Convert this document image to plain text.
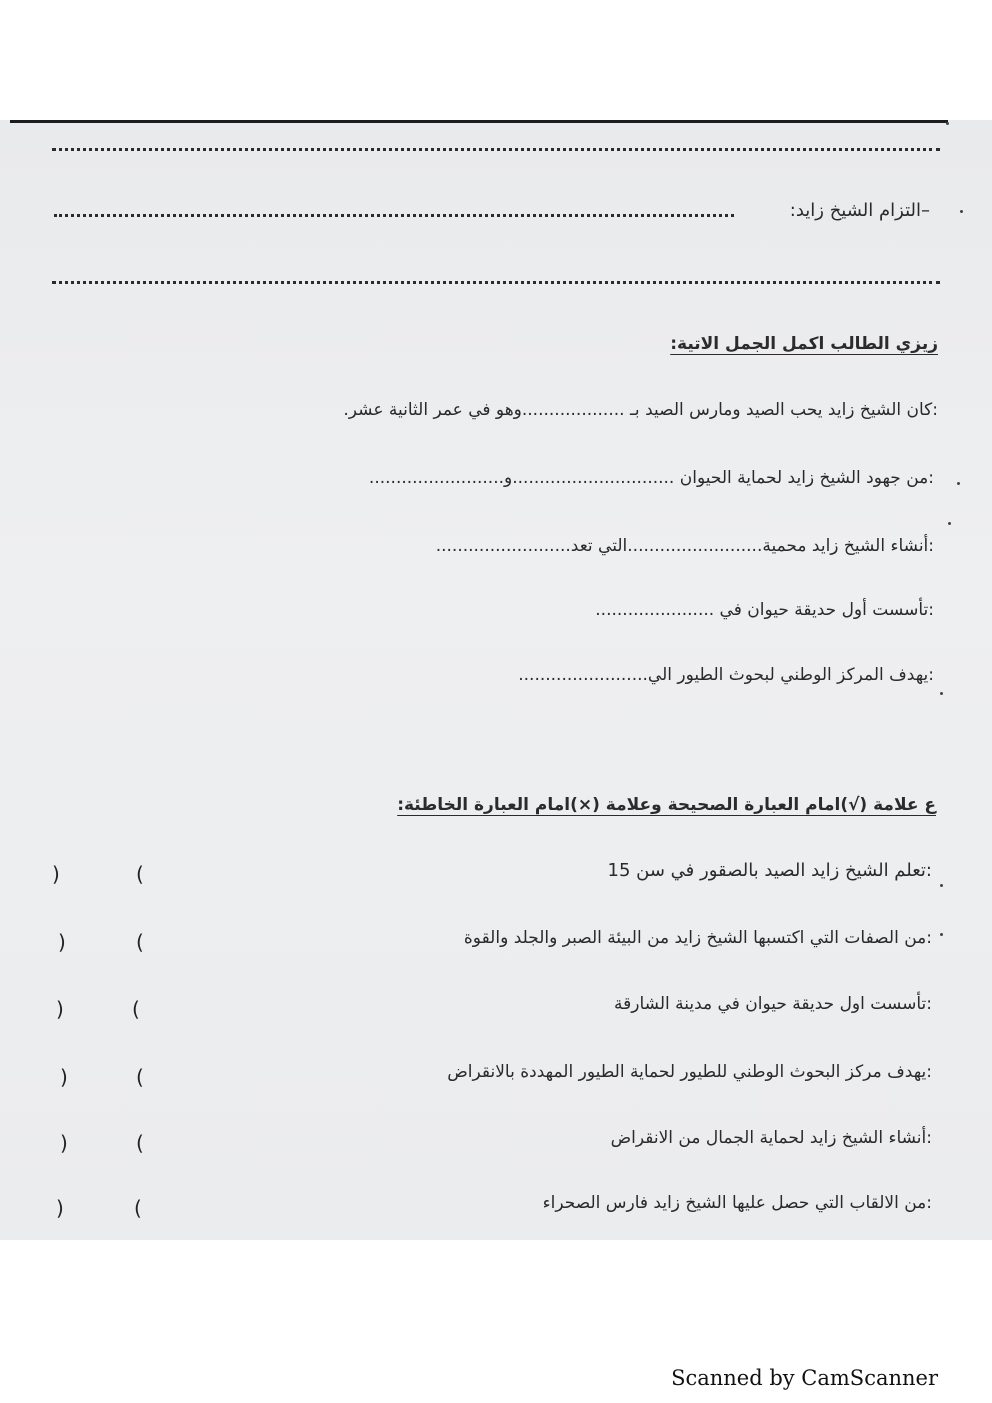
–التزام الشيخ زايد:
زيزي الطالب اكمل الجمل الاتية:
:كان الشيخ زايد يحب الصيد ومارس الصيد بـ ...................وهو في عمر الثانية عشر.
:من جهود الشيخ زايد لحماية الحيوان ..............................و.........................
:أنشاء الشيخ زايد محمية.........................التي تعد.........................
:تأسست أول حديقة حيوان في ......................
:يهدف المركز الوطني لبحوث الطيور الي........................
ع علامة (√)امام العبارة الصحيحة وعلامة (×)امام العبارة الخاطئة:
:تعلم الشيخ زايد الصيد بالصقور في سن 15
(
)
:من الصفات التي اكتسبها الشيخ زايد من البيئة الصبر والجلد والقوة
(
)
:تأسست اول حديقة حيوان في مدينة الشارقة
(
)
:يهدف مركز البحوث الوطني للطيور لحماية الطيور المهددة بالانقراض
(
)
:أنشاء الشيخ زايد لحماية الجمال من الانقراض
(
)
:من الالقاب التي حصل عليها الشيخ زايد فارس الصحراء
(
)
Scanned by CamScanner
